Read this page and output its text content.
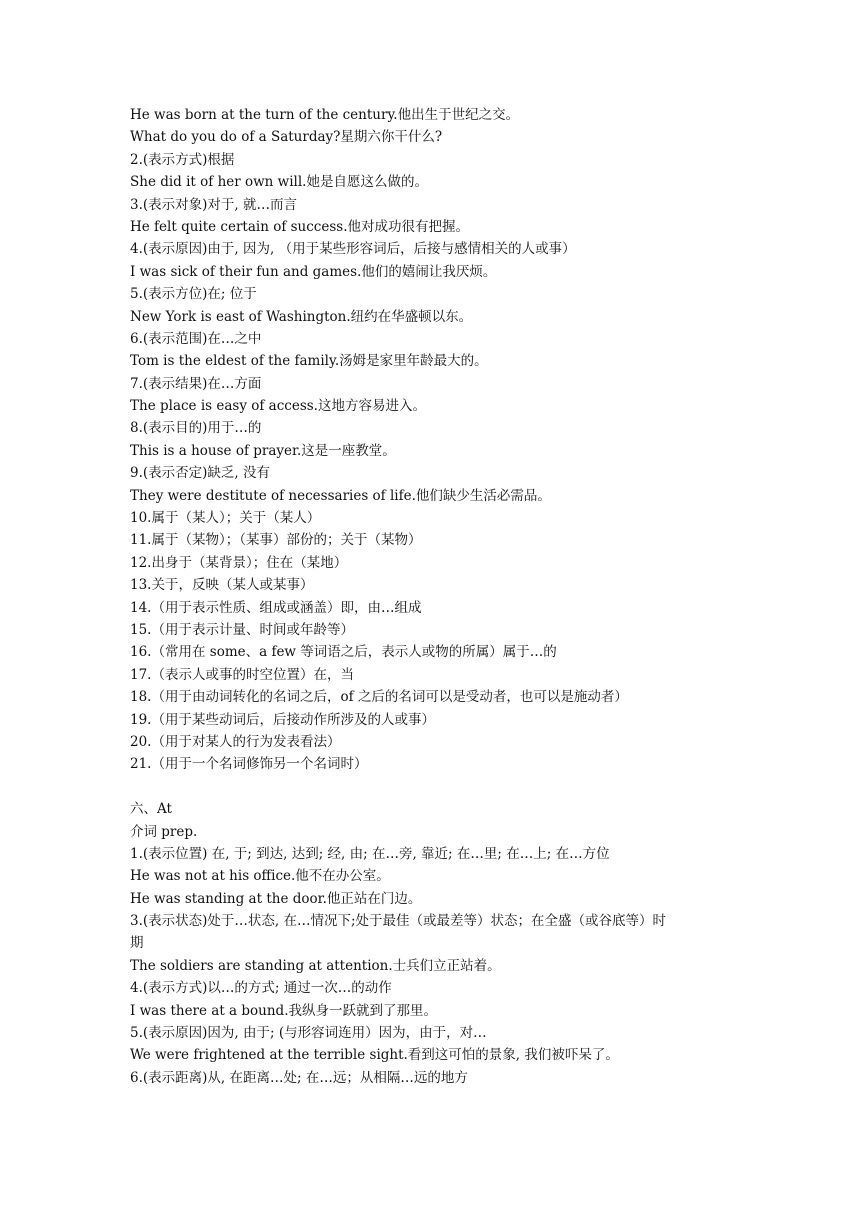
He was born at the turn of the century.他出生于世纪之交。
What do you do of a Saturday?星期六你干什么?
2.(表示方式)根据
She did it of her own will.她是自愿这么做的。
3.(表示对象)对于, 就…而言
He felt quite certain of success.他对成功很有把握。
4.(表示原因)由于, 因为, （用于某些形容词后，后接与感情相关的人或事）
I was sick of their fun and games.他们的嬉闹让我厌烦。
5.(表示方位)在; 位于
New York is east of Washington.纽约在华盛顿以东。
6.(表示范围)在…之中
Tom is the eldest of the family.汤姆是家里年龄最大的。
7.(表示结果)在…方面
The place is easy of access.这地方容易进入。
8.(表示目的)用于…的
This is a house of prayer.这是一座教堂。
9.(表示否定)缺乏, 没有
They were destitute of necessaries of life.他们缺少生活必需品。
10.属于（某人）；关于（某人）
11.属于（某物）；（某事）部份的；关于（某物）
12.出身于（某背景）；住在（某地）
13.关于，反映（某人或某事）
14.（用于表示性质、组成或涵盖）即，由…组成
15.（用于表示计量、时间或年龄等）
16.（常用在 some、a few 等词语之后，表示人或物的所属）属于…的
17.（表示人或事的时空位置）在，当
18.（用于由动词转化的名词之后，of 之后的名词可以是受动者，也可以是施动者）
19.（用于某些动词后，后接动作所涉及的人或事）
20.（用于对某人的行为发表看法）
21.（用于一个名词修饰另一个名词时）
六、At
介词 prep.
1.(表示位置) 在, 于; 到达, 达到; 经, 由; 在…旁, 靠近; 在…里; 在…上; 在…方位
He was not at his office.他不在办公室。
He was standing at the door.他正站在门边。
3.(表示状态)处于…状态, 在…情况下;处于最佳（或最差等）状态；在全盛（或谷底等）时
期
The soldiers are standing at attention.士兵们立正站着。
4.(表示方式)以…的方式; 通过一次…的动作
I was there at a bound.我纵身一跃就到了那里。
5.(表示原因)因为, 由于; (与形容词连用）因为，由于，对…
We were frightened at the terrible sight.看到这可怕的景象, 我们被吓呆了。
6.(表示距离)从, 在距离…处; 在…远；从相隔…远的地方
